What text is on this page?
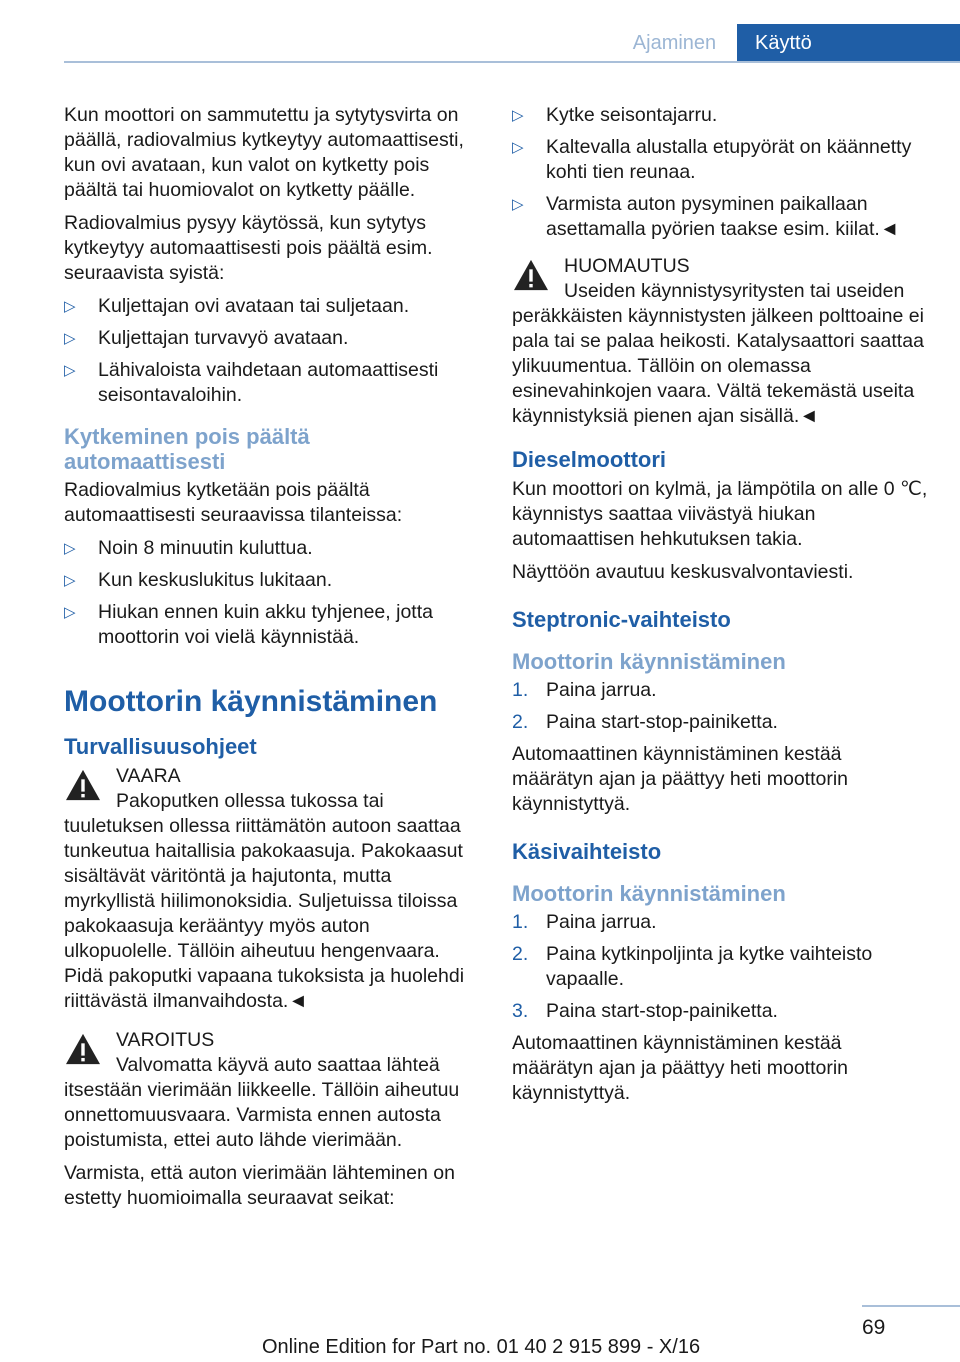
Ajaminen	Käyttö

Kun moottori on sammutettu ja sytytysvirta on päällä, radiovalmius kytkeytyy automaattisesti, kun ovi avataan, kun valot on kytketty pois päältä tai huomiovalot on kytketty päälle.

Radiovalmius pysyy käytössä, kun sytytys kytkeytyy automaattisesti pois päältä esim. seuraavista syistä:

▷	Kuljettajan ovi avataan tai suljetaan.
▷	Kuljettajan turvavyö avataan.
▷	Lähivaloista vaihdetaan automaattisesti seisontavaloihin.
Kytkeminen pois päältä automaattisesti

Radiovalmius kytketään pois päältä automaattisesti seuraavissa tilanteissa:

▷	Noin 8 minuutin kuluttua.
▷	Kun keskuslukitus lukitaan.
▷	Hiukan ennen kuin akku tyhjenee, jotta moottorin voi vielä käynnistää.
Moottorin käynnistäminen
Turvallisuusohjeet
VAARA
Pakoputken ollessa tukossa tai tuuletuksen ollessa riittämätön autoon saattaa tunkeutua haitallisia pakokaasuja. Pakokaasut sisältävät väritöntä ja hajutonta, mutta myrkyllistä hiilimonoksidia. Suljetuissa tiloissa pakokaasuja kerääntyy myös auton ulkopuolelle. Tällöin aiheutuu hengenvaara. Pidä pakoputki vapaana tukoksista ja huolehdi riittävästä ilmanvaihdosta.◄
VAROITUS
Valvomatta käyvä auto saattaa lähteä itsestään vierimään liikkeelle. Tällöin aiheutuu onnettomuusvaara. Varmista ennen autosta poistumista, ettei auto lähde vierimään.

Varmista, että auton vierimään lähteminen on estetty huomioimalla seuraavat seikat:

▷	Kytke seisontajarru.
▷	Kaltevalla alustalla etupyörät on käännetty kohti tien reunaa.
▷	Varmista auton pysyminen paikallaan asettamalla pyörien taakse esim. kiilat.◄
HUOMAUTUS
Useiden käynnistysyritysten tai useiden peräkkäisten käynnistysten jälkeen polttoaine ei pala tai se palaa heikosti. Katalysaattori saattaa ylikuumentua. Tällöin on olemassa esinevahinkojen vaara. Vältä tekemästä useita käynnistyksiä pienen ajan sisällä.◄
Dieselmoottori

Kun moottori on kylmä, ja lämpötila on alle 0 ℃, käynnistys saattaa viivästyä hiukan automaattisen hehkutuksen takia.

Näyttöön avautuu keskusvalvontaviesti.

Steptronic-vaihteisto
Moottorin käynnistäminen
1. Paina jarrua.
2. Paina start-stop-painiketta.

Automaattinen käynnistäminen kestää määrätyn ajan ja päättyy heti moottorin käynnistyttyä.

Käsivaihteisto
Moottorin käynnistäminen
1. Paina jarrua.
2. Paina kytkinpoljinta ja kytke vaihteisto vapaalle.
3. Paina start-stop-painiketta.

Automaattinen käynnistäminen kestää määrätyn ajan ja päättyy heti moottorin käynnistyttyä.

69
Online Edition for Part no. 01 40 2 915 899 - X/16
